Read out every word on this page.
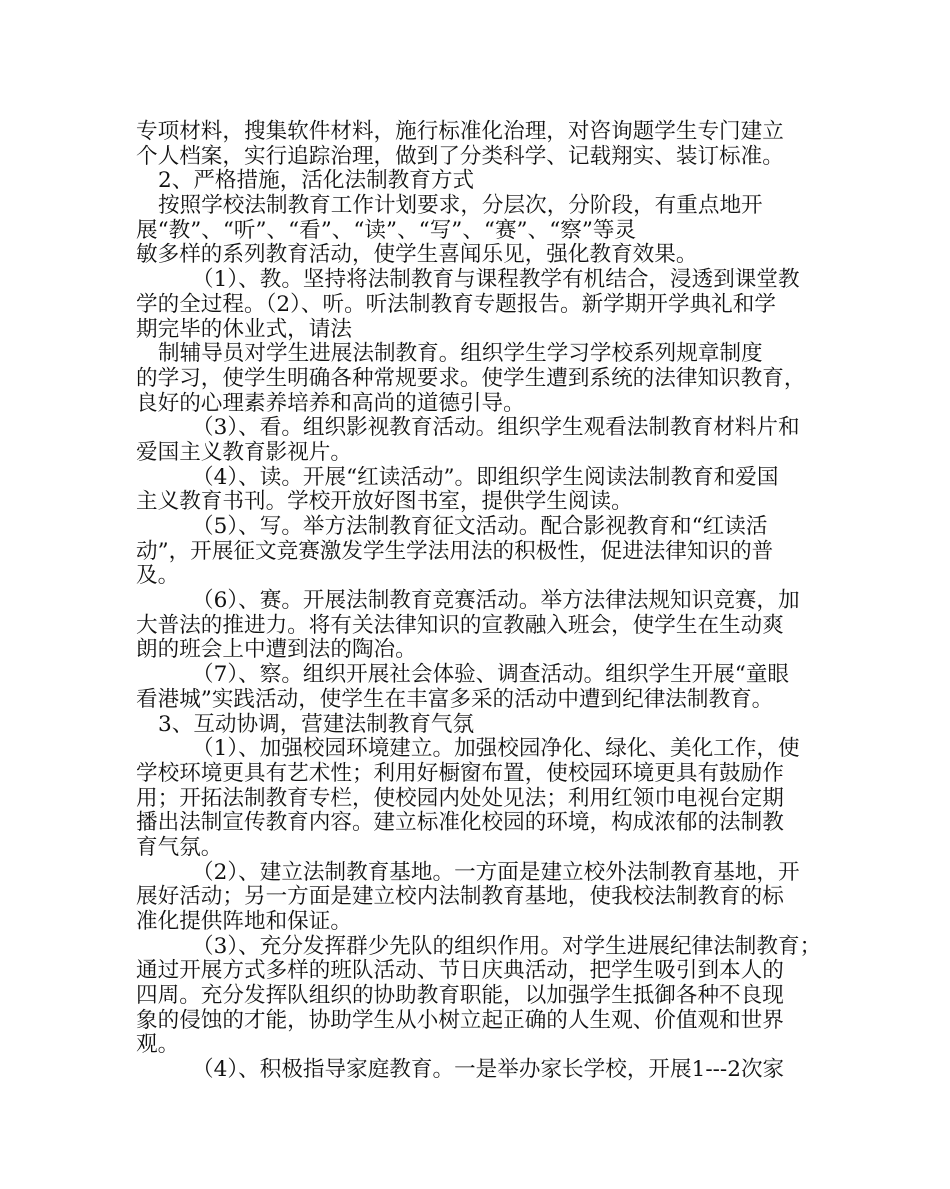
专项材料，搜集软件材料，施行标准化治理，对咨询题学生专门建立
个人档案，实行追踪治理，做到了分类科学、记载翔实、装订标准。
2、严格措施，活化法制教育方式
按照学校法制教育工作计划要求，分层次，分阶段，有重点地开
展“教”、“听”、“看”、“读”、“写”、“赛”、“察”等灵
敏多样的系列教育活动，使学生喜闻乐见，强化教育效果。
（1）、教。坚持将法制教育与课程教学有机结合，浸透到课堂教
学的全过程。（2）、听。听法制教育专题报告。新学期开学典礼和学
期完毕的休业式，请法
制辅导员对学生进展法制教育。组织学生学习学校系列规章制度
的学习，使学生明确各种常规要求。使学生遭到系统的法律知识教育，
良好的心理素养培养和高尚的道德引导。
（3）、看。组织影视教育活动。组织学生观看法制教育材料片和
爱国主义教育影视片。
（4）、读。开展“红读活动”。即组织学生阅读法制教育和爱国
主义教育书刊。学校开放好图书室，提供学生阅读。
（5）、写。举方法制教育征文活动。配合影视教育和“红读活
动”，开展征文竞赛激发学生学法用法的积极性，促进法律知识的普
及。
（6）、赛。开展法制教育竞赛活动。举方法律法规知识竞赛，加
大普法的推进力。将有关法律知识的宣教融入班会，使学生在生动爽
朗的班会上中遭到法的陶冶。
（7）、察。组织开展社会体验、调查活动。组织学生开展“童眼
看港城”实践活动，使学生在丰富多采的活动中遭到纪律法制教育。
3、互动协调，营建法制教育气氛
（1）、加强校园环境建立。加强校园净化、绿化、美化工作，使
学校环境更具有艺术性；利用好橱窗布置，使校园环境更具有鼓励作
用；开拓法制教育专栏，使校园内处处见法；利用红领巾电视台定期
播出法制宣传教育内容。建立标准化校园的环境，构成浓郁的法制教
育气氛。
（2）、建立法制教育基地。一方面是建立校外法制教育基地，开
展好活动；另一方面是建立校内法制教育基地，使我校法制教育的标
准化提供阵地和保证。
（3）、充分发挥群少先队的组织作用。对学生进展纪律法制教育；
通过开展方式多样的班队活动、节日庆典活动，把学生吸引到本人的
四周。充分发挥队组织的协助教育职能，以加强学生抵御各种不良现
象的侵蚀的才能，协助学生从小树立起正确的人生观、价值观和世界
观。
（4）、积极指导家庭教育。一是举办家长学校，开展1---2次家
